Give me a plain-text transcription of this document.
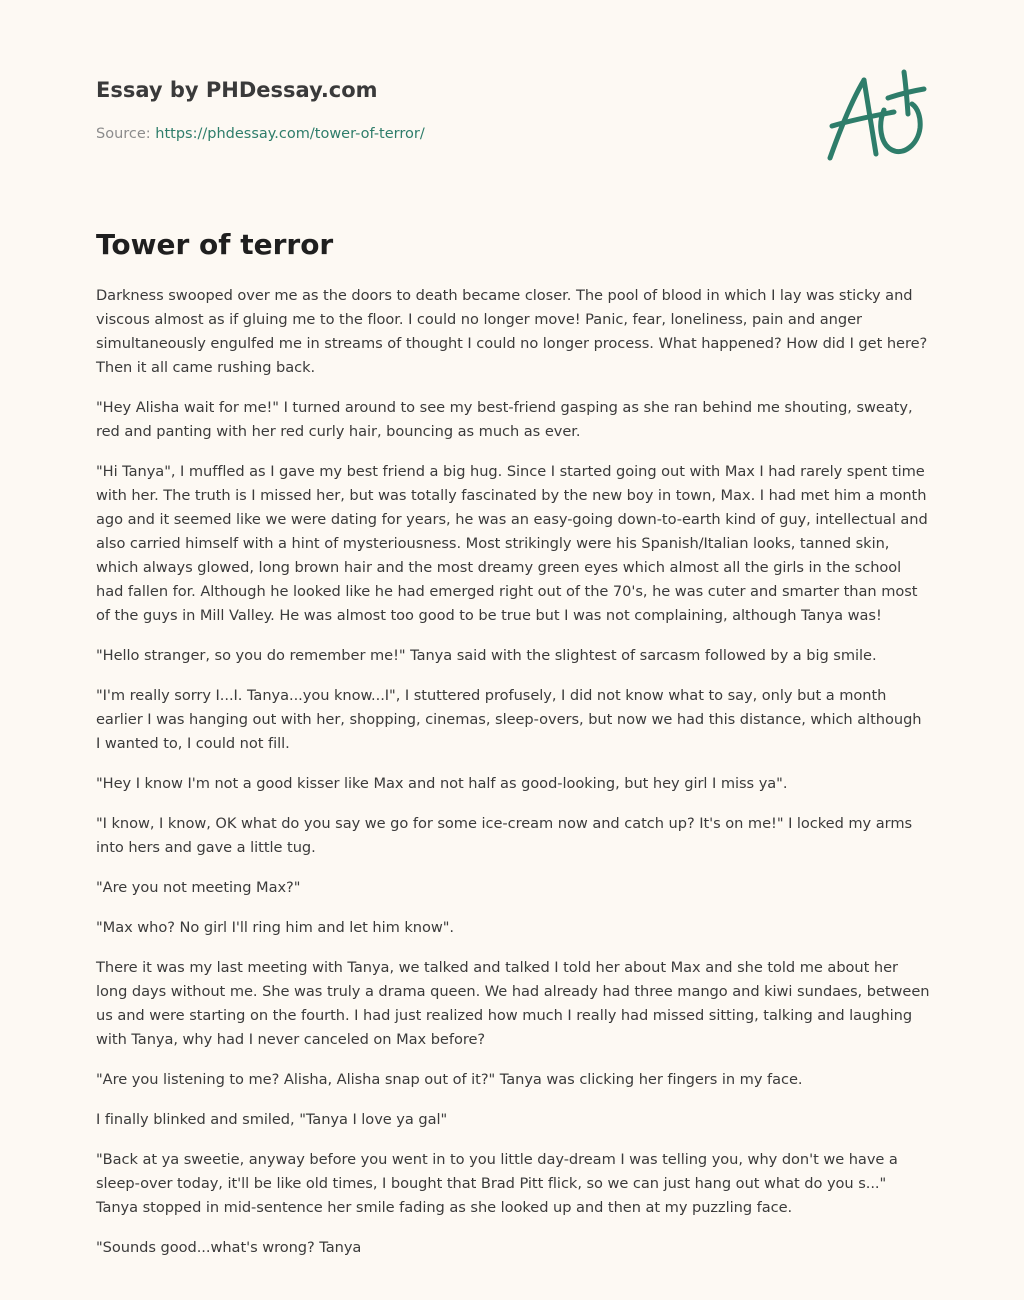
Essay by PHDessay.com

Source: https://phdessay.com/tower-of-terror/

Tower of terror

Darkness swooped over me as the doors to death became closer. The pool of blood in which I lay was sticky and viscous almost as if gluing me to the floor. I could no longer move! Panic, fear, loneliness, pain and anger simultaneously engulfed me in streams of thought I could no longer process. What happened? How did I get here? Then it all came rushing back.

"Hey Alisha wait for me!" I turned around to see my best-friend gasping as she ran behind me shouting, sweaty, red and panting with her red curly hair, bouncing as much as ever.

"Hi Tanya", I muffled as I gave my best friend a big hug. Since I started going out with Max I had rarely spent time with her. The truth is I missed her, but was totally fascinated by the new boy in town, Max. I had met him a month ago and it seemed like we were dating for years, he was an easy-going down-to-earth kind of guy, intellectual and also carried himself with a hint of mysteriousness. Most strikingly were his Spanish/Italian looks, tanned skin, which always glowed, long brown hair and the most dreamy green eyes which almost all the girls in the school had fallen for. Although he looked like he had emerged right out of the 70's, he was cuter and smarter than most of the guys in Mill Valley. He was almost too good to be true but I was not complaining, although Tanya was!

"Hello stranger, so you do remember me!" Tanya said with the slightest of sarcasm followed by a big smile.

"I'm really sorry I...I. Tanya...you know...I", I stuttered profusely, I did not know what to say, only but a month earlier I was hanging out with her, shopping, cinemas, sleep-overs, but now we had this distance, which although I wanted to, I could not fill.

"Hey I know I'm not a good kisser like Max and not half as good-looking, but hey girl I miss ya".

"I know, I know, OK what do you say we go for some ice-cream now and catch up? It's on me!" I locked my arms into hers and gave a little tug.

"Are you not meeting Max?"

"Max who? No girl I'll ring him and let him know".

There it was my last meeting with Tanya, we talked and talked I told her about Max and she told me about her long days without me. She was truly a drama queen. We had already had three mango and kiwi sundaes, between us and were starting on the fourth. I had just realized how much I really had missed sitting, talking and laughing with Tanya, why had I never canceled on Max before?

"Are you listening to me? Alisha, Alisha snap out of it?" Tanya was clicking her fingers in my face.

I finally blinked and smiled, "Tanya I love ya gal"

"Back at ya sweetie, anyway before you went in to you little day-dream I was telling you, why don't we have a sleep-over today, it'll be like old times, I bought that Brad Pitt flick, so we can just hang out what do you s..." Tanya stopped in mid-sentence her smile fading as she looked up and then at my puzzling face.

"Sounds good...what's wrong? Tanya
